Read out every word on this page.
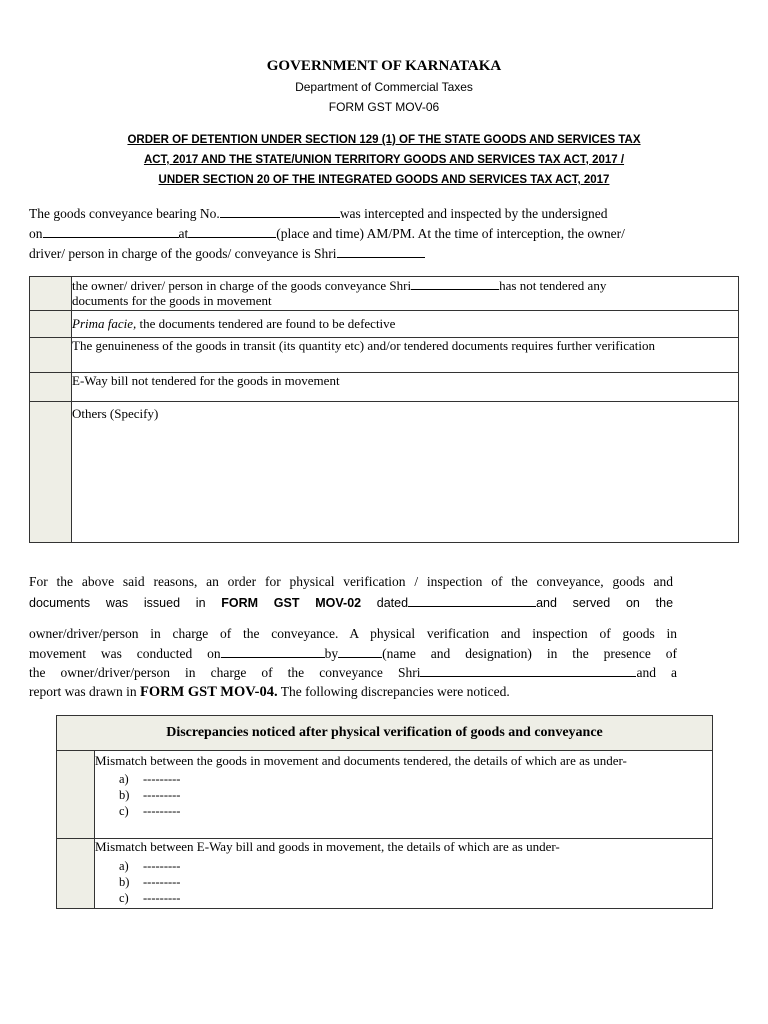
GOVERNMENT OF KARNATAKA
Department of Commercial Taxes
FORM GST MOV-06
ORDER OF DETENTION UNDER SECTION 129 (1) OF THE STATE GOODS AND SERVICES TAX
ACT, 2017 AND THE STATE/UNION TERRITORY GOODS AND SERVICES TAX ACT, 2017 /
UNDER SECTION 20 OF THE INTEGRATED GOODS AND SERVICES TAX ACT, 2017
The goods conveyance bearing No.	was intercepted and inspected by the undersigned
on	at	(place and time) AM/PM. At the time of interception, the owner/
driver/ person in charge of the goods/ conveyance is Shri
	the owner/ driver/ person in charge of the goods conveyance Shri has not tendered any
documents for the goods in movement
	Prima facie, the documents tendered are found to be defective
	The genuineness of the goods in transit (its quantity etc) and/or tendered documents requires further verification
	E-Way bill not tendered for the goods in movement
	Others (Specify)
For the above said reasons, an order for physical verification / inspection of the conveyance, goods and
documents was issued in FORM GST MOV-02 dated	and served on the
owner/driver/person in charge of the conveyance. A physical verification and inspection of goods in
movement was conducted on	by	(name and designation) in the presence of
the owner/driver/person in charge of the conveyance Shri	and a
report was drawn in FORM GST MOV-04. The following discrepancies were noticed.
Discrepancies noticed after physical verification of goods and conveyance	

	Mismatch between the goods in movement and documents tendered, the details of which are as under-
a) ---------
b) ---------
c) ---------

	Mismatch between E-Way bill and goods in movement, the details of which are as under-
a) ---------
b) ---------
c) ---------
